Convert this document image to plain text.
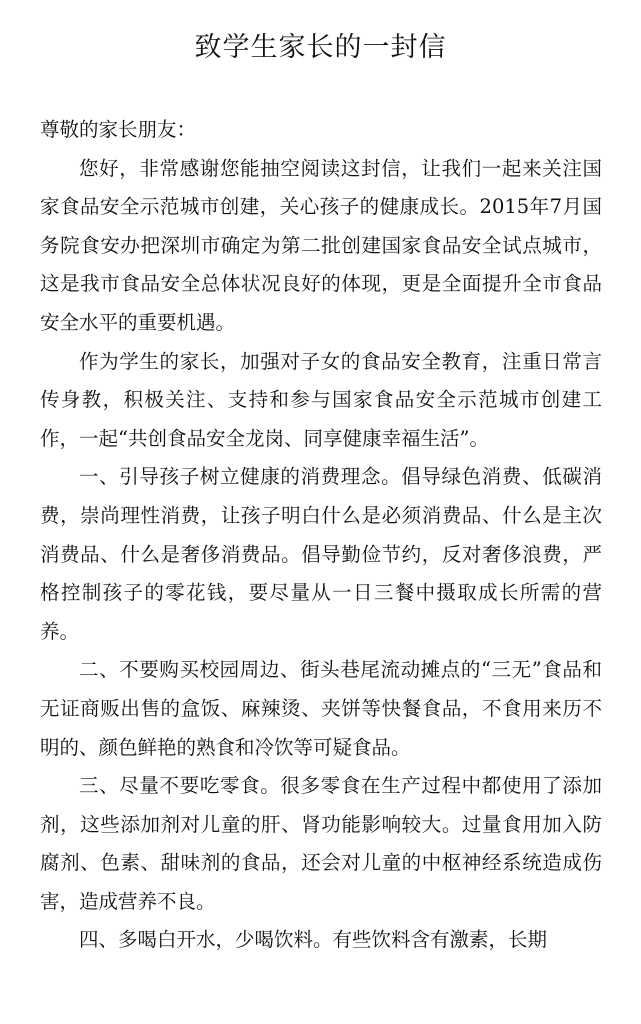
致学生家长的一封信

尊敬的家长朋友：

您好，非常感谢您能抽空阅读这封信，让我们一起来关注国家食品安全示范城市创建，关心孩子的健康成长。2015年7月国务院食安办把深圳市确定为第二批创建国家食品安全试点城市，这是我市食品安全总体状况良好的体现，更是全面提升全市食品安全水平的重要机遇。

作为学生的家长，加强对子女的食品安全教育，注重日常言传身教，积极关注、支持和参与国家食品安全示范城市创建工作，一起“共创食品安全龙岗、同享健康幸福生活”。

一、引导孩子树立健康的消费理念。倡导绿色消费、低碳消费，崇尚理性消费，让孩子明白什么是必须消费品、什么是主次消费品、什么是奢侈消费品。倡导勤俭节约，反对奢侈浪费，严格控制孩子的零花钱，要尽量从一日三餐中摄取成长所需的营养。

二、不要购买校园周边、街头巷尾流动摊点的“三无”食品和无证商贩出售的盒饭、麻辣烫、夹饼等快餐食品，不食用来历不明的、颜色鲜艳的熟食和冷饮等可疑食品。

三、尽量不要吃零食。很多零食在生产过程中都使用了添加剂，这些添加剂对儿童的肝、肾功能影响较大。过量食用加入防腐剂、色素、甜味剂的食品，还会对儿童的中枢神经系统造成伤害，造成营养不良。

四、多喝白开水，少喝饮料。有些饮料含有激素，长期
